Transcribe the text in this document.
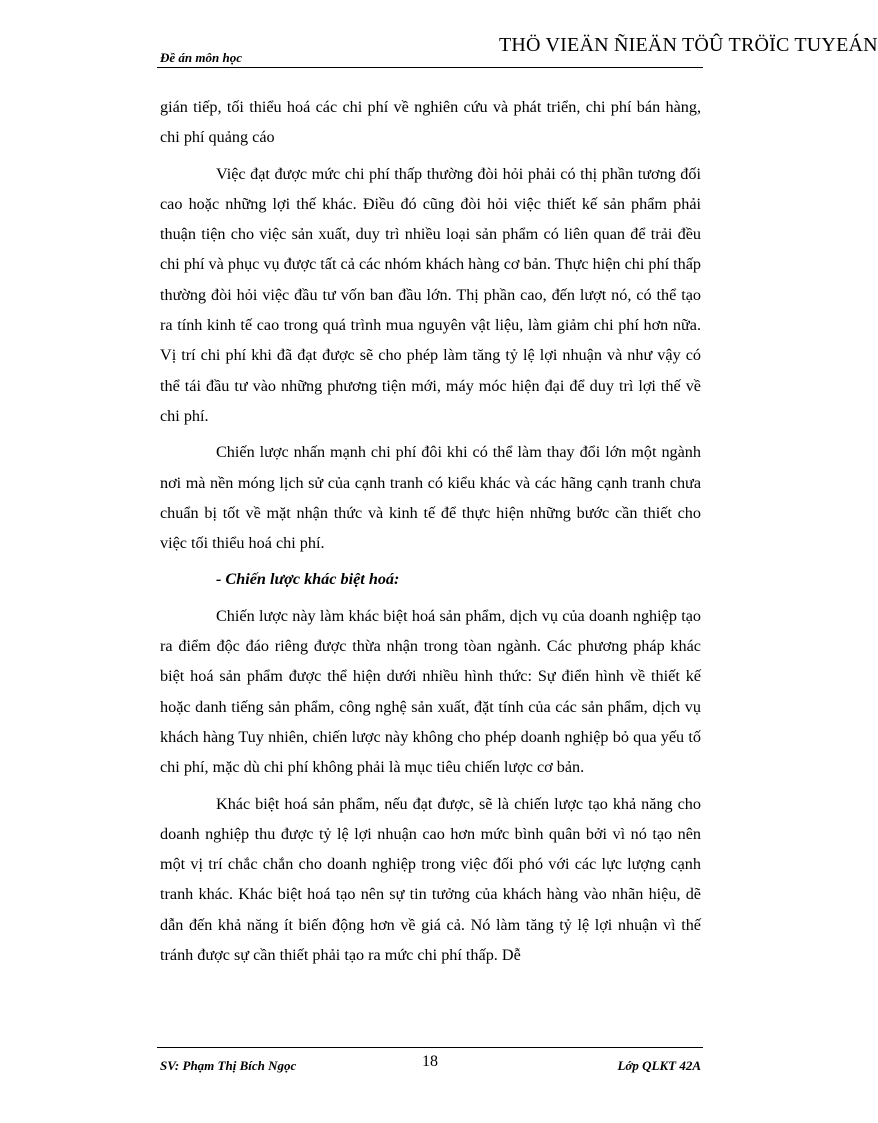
Đề án môn học
THÖ VIEÄN ÑIEÄN TÖÛ TRÖÏC TUYEÁN

gián tiếp, tối thiểu hoá các chi phí về nghiên cứu và phát triển, chi phí bán hàng, chi phí quảng cáo

Việc đạt được mức chi phí thấp thường đòi hỏi phải có thị phần tương đối cao hoặc những lợi thế khác. Điều đó cũng đòi hỏi việc thiết kế sản phẩm phải thuận tiện cho việc sản xuất, duy trì nhiều loại sản phẩm có liên quan để trải đều chi phí và phục vụ được tất cả các nhóm khách hàng cơ bản. Thực hiện chi phí thấp thường đòi hỏi việc đầu tư vốn ban đầu lớn. Thị phần cao, đến lượt nó, có thể tạo ra tính kinh tế cao trong quá trình mua nguyên vật liệu, làm giảm chi phí hơn nữa. Vị trí chi phí khi đã đạt được sẽ cho phép làm tăng tỷ lệ lợi nhuận và như vậy có thể tái đầu tư vào những phương tiện mới, máy móc hiện đại để duy trì lợi thế về chi phí.

Chiến lược nhấn mạnh chi phí đôi khi có thể làm thay đổi lớn một ngành nơi mà nền móng lịch sử của cạnh tranh có kiểu khác và các hãng cạnh tranh chưa chuẩn bị tốt về mặt nhận thức và kinh tế để thực hiện những bước cần thiết cho việc tối thiểu hoá chi phí.

- Chiến lược khác biệt hoá:

Chiến lược này làm khác biệt hoá sản phẩm, dịch vụ của doanh nghiệp tạo ra điểm độc đáo riêng được thừa nhận trong tòan ngành. Các phương pháp khác biệt hoá sản phẩm được thể hiện dưới nhiều hình thức: Sự điển hình về thiết kế hoặc danh tiếng sản phẩm, công nghệ sản xuất, đặt tính của các sản phẩm, dịch vụ khách hàng Tuy nhiên, chiến lược này không cho phép doanh nghiệp bỏ qua yếu tố chi phí, mặc dù chi phí không phải là mục tiêu chiến lược cơ bản.

Khác biệt hoá sản phẩm, nếu đạt được, sẽ là chiến lược tạo khả năng cho doanh nghiệp thu được tỷ lệ lợi nhuận cao hơn mức bình quân bởi vì nó tạo nên một vị trí chắc chắn cho doanh nghiệp trong việc đối phó với các lực lượng cạnh tranh khác. Khác biệt hoá tạo nên sự tin tưởng của khách hàng vào nhãn hiệu, dẽ dẫn đến khả năng ít biến động hơn về giá cả. Nó làm tăng tỷ lệ lợi nhuận vì thế tránh được sự cần thiết phải tạo ra mức chi phí thấp. Dễ

SV: Phạm Thị Bích Ngọc	18	Lớp QLKT 42A
